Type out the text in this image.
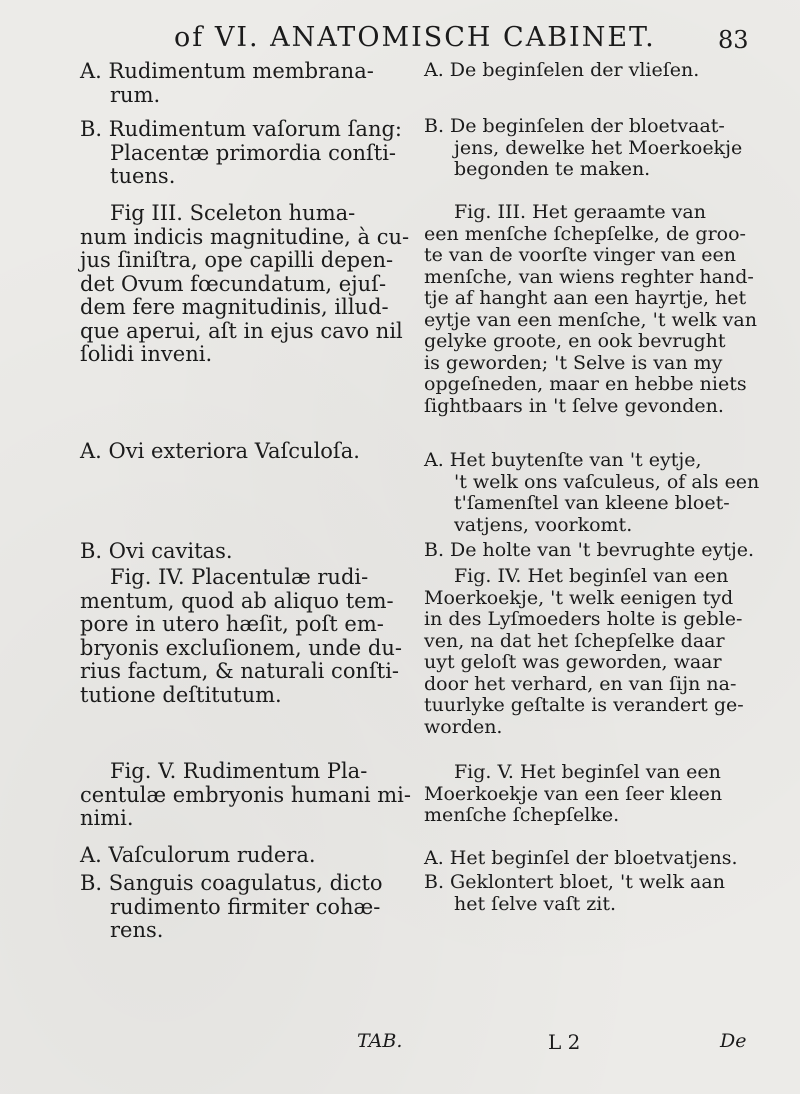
of VI. ANATOMISCH CABINET.	83
A. Rudimentum membrana-
rum.
B. Rudimentum vaſorum ſang:
Placentæ primordia conſti-
tuens.
Fig III. Sceleton huma-
num indicis magnitudine, à cu-
jus ſiniſtra, ope capilli depen-
det Ovum fœcundatum, ejuſ-
dem fere magnitudinis, illud-
que aperui, aſt in ejus cavo nil
ſolidi inveni.
A. Ovi exteriora Vaſculoſa.
B. Ovi cavitas.
Fig. IV. Placentulæ rudi-
mentum, quod ab aliquo tem-
pore in utero hæſit, poſt em-
bryonis excluſionem, unde du-
rius factum, & naturali conſti-
tutione deſtitutum.
Fig. V. Rudimentum Pla-
centulæ embryonis humani mi-
nimi.
A. Vaſculorum rudera.
B. Sanguis coagulatus, dicto
rudimento firmiter cohæ-
rens.
A. De beginſelen der vlieſen.
B. De beginſelen der bloetvaat-
jens, dewelke het Moerkoekje
begonden te maken.
Fig. III. Het geraamte van
een menſche ſchepſelke, de groo-
te van de voorſte vinger van een
menſche, van wiens reghter hand-
tje af hanght aan een hayrtje, het
eytje van een menſche, 't welk van
gelyke groote, en ook bevrught
is geworden; 't Selve is van my
opgeſneden, maar en hebbe niets
ſightbaars in 't ſelve gevonden.
A. Het buytenſte van 't eytje,
't welk ons vaſculeus, of als een
t'ſamenſtel van kleene bloet-
vatjens, voorkomt.
B. De holte van 't bevrughte eytje.
Fig. IV. Het beginſel van een
Moerkoekje, 't welk eenigen tyd
in des Lyſmoeders holte is geble-
ven, na dat het ſchepſelke daar
uyt geloſt was geworden, waar
door het verhard, en van ſijn na-
tuurlyke geſtalte is verandert ge-
worden.
Fig. V. Het beginſel van een
Moerkoekje van een ſeer kleen
menſche ſchepſelke.
A. Het beginſel der bloetvatjens.
B. Geklontert bloet, 't welk aan
het ſelve vaſt zit.
TAB.	L 2	De
